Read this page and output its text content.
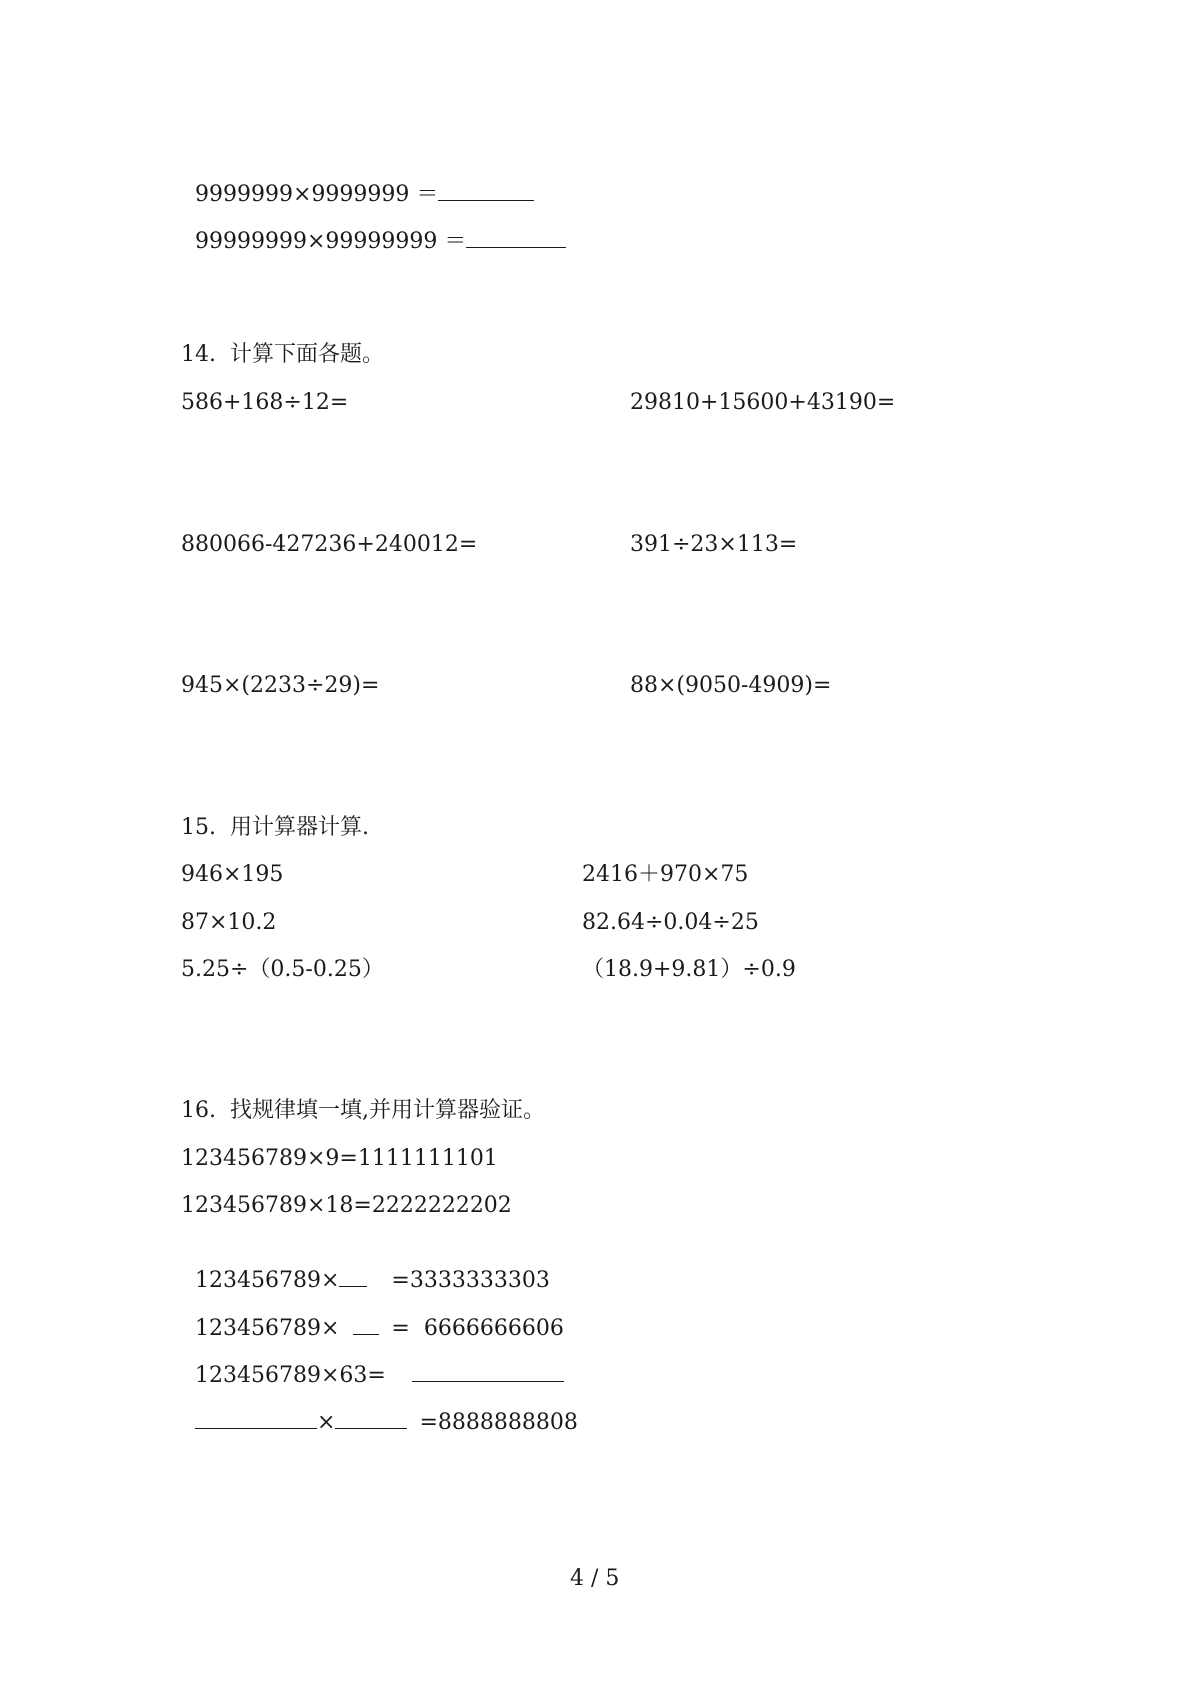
9999999×9999999 ＝

99999999×99999999 ＝

14.  计算下面各题。
586+168÷12=	29810+15600+43190=
880066-427236+240012=	391÷23×113=
945×(2233÷29)=	88×(9050-4909)=
15.  用计算器计算.
946×195	2416＋970×75
87×10.2	82.64÷0.04÷25
5.25÷（0.5-0.25）	（18.9+9.81）÷0.9
16.  找规律填一填,并用计算器验证。
123456789×9=1111111101
123456789×18=2222222202

123456789× =3333333303

123456789× =  6666666606

123456789×63=

×	=8888888808

4 / 5
